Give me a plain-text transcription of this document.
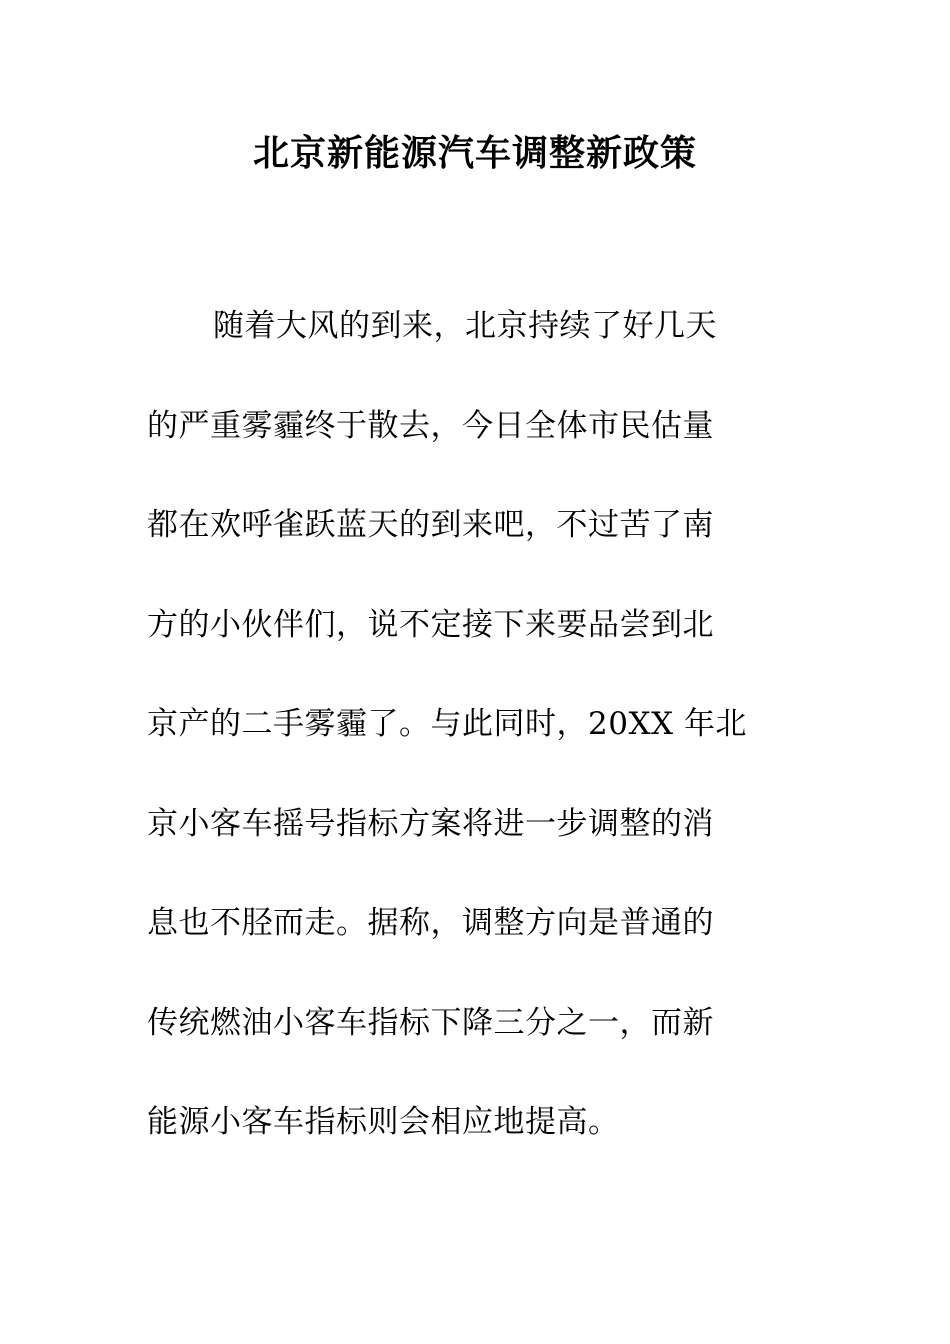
北京新能源汽车调整新政策
随着大风的到来，北京持续了好几天
的严重雾霾终于散去，今日全体市民估量
都在欢呼雀跃蓝天的到来吧，不过苦了南
方的小伙伴们，说不定接下来要品尝到北
京产的二手雾霾了。与此同时，20XX 年北
京小客车摇号指标方案将进一步调整的消
息也不胫而走。据称，调整方向是普通的
传统燃油小客车指标下降三分之一，而新
能源小客车指标则会相应地提高。
